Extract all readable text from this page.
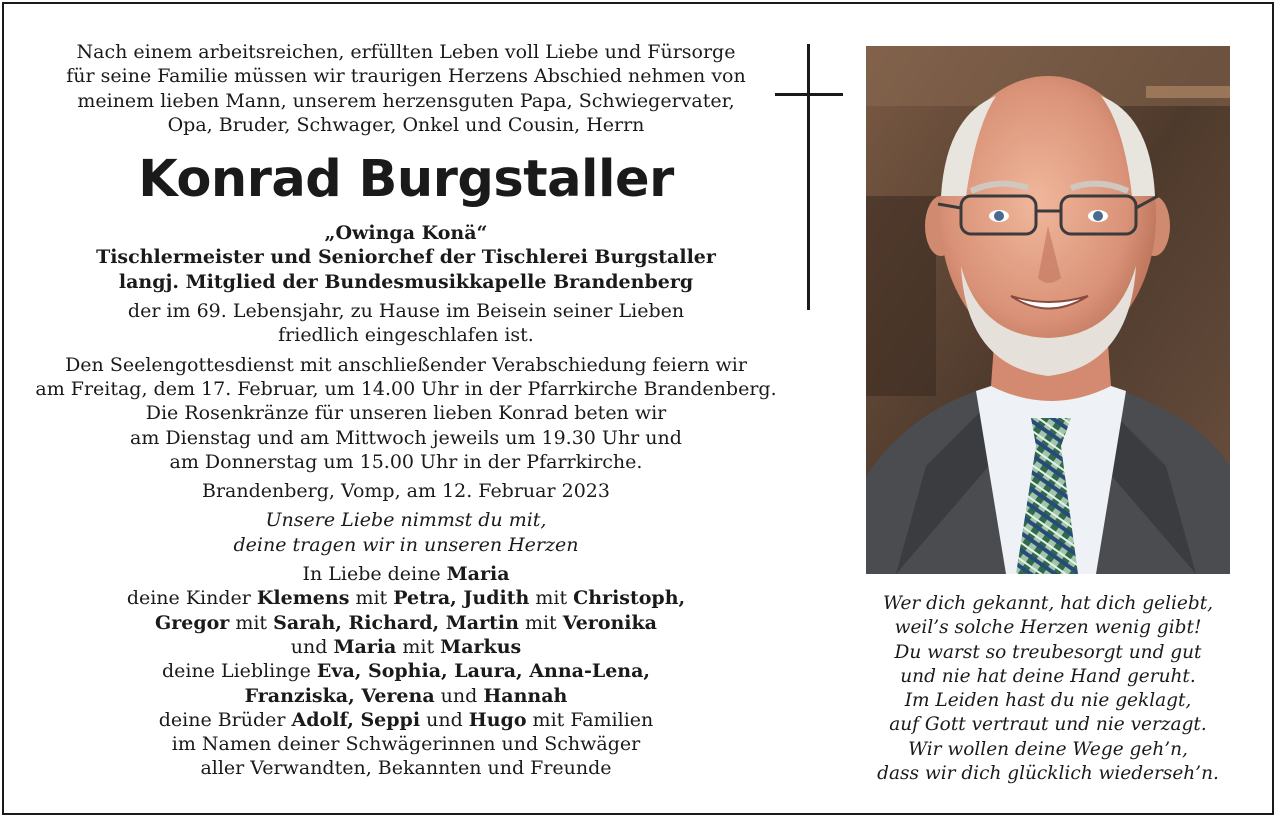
Nach einem arbeitsreichen, erfüllten Leben voll Liebe und Fürsorge

für seine Familie müssen wir traurigen Herzens Abschied nehmen von

meinem lieben Mann, unserem herzensguten Papa, Schwiegervater,

Opa, Bruder, Schwager, Onkel und Cousin, Herrn

Konrad Burgstaller

„Owinga Konä“

Tischlermeister und Seniorchef der Tischlerei Burgstaller

langj. Mitglied der Bundesmusikkapelle Brandenberg

der im 69. Lebensjahr, zu Hause im Beisein seiner Lieben

friedlich eingeschlafen ist.

Den Seelengottesdienst mit anschließender Verabschiedung feiern wir

am Freitag, dem 17. Februar, um 14.00 Uhr in der Pfarrkirche Brandenberg.

Die Rosenkränze für unseren lieben Konrad beten wir

am Dienstag und am Mittwoch jeweils um 19.30 Uhr und

am Donnerstag um 15.00 Uhr in der Pfarrkirche.

Brandenberg, Vomp, am 12. Februar 2023

Unsere Liebe nimmst du mit,

deine tragen wir in unseren Herzen

In Liebe deine Maria

deine Kinder Klemens mit Petra, Judith mit Christoph,

Gregor mit Sarah, Richard, Martin mit Veronika

und Maria mit Markus

deine Lieblinge Eva, Sophia, Laura, Anna-Lena,

Franziska, Verena und Hannah

deine Brüder Adolf, Seppi und Hugo mit Familien

im Namen deiner Schwägerinnen und Schwäger

aller Verwandten, Bekannten und Freunde

Wer dich gekannt, hat dich geliebt,

weil’s solche Herzen wenig gibt!

Du warst so treubesorgt und gut

und nie hat deine Hand geruht.

Im Leiden hast du nie geklagt,

auf Gott vertraut und nie verzagt.

Wir wollen deine Wege geh’n,

dass wir dich glücklich wiederseh’n.
